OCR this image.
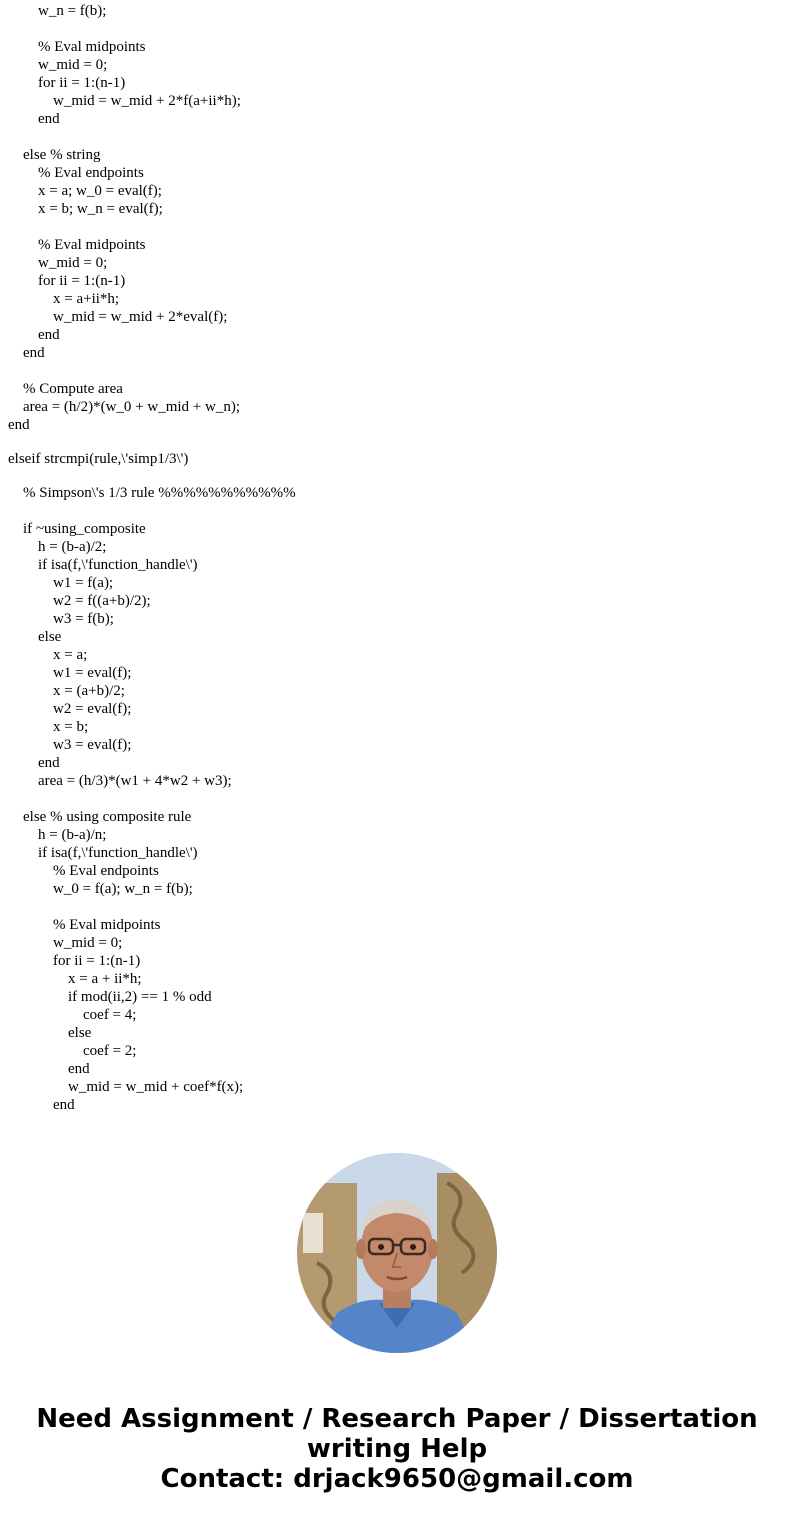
w_n = f(b);
% Eval midpoints
w_mid = 0;
for ii = 1:(n-1)
w_mid = w_mid + 2*f(a+ii*h);
end
else % string
% Eval endpoints
x = a; w_0 = eval(f);
x = b; w_n = eval(f);
% Eval midpoints
w_mid = 0;
for ii = 1:(n-1)
x = a+ii*h;
w_mid = w_mid + 2*eval(f);
end
end
% Compute area
area = (h/2)*(w_0 + w_mid + w_n);
end
elseif strcmpi(rule,\'simp1/3\')
% Simpson\'s 1/3 rule %%%%%%%%%%%
if ~using_composite
h = (b-a)/2;
if isa(f,\'function_handle\')
w1 = f(a);
w2 = f((a+b)/2);
w3 = f(b);
else
x = a;
w1 = eval(f);
x = (a+b)/2;
w2 = eval(f);
x = b;
w3 = eval(f);
end
area = (h/3)*(w1 + 4*w2 + w3);
else % using composite rule
h = (b-a)/n;
if isa(f,\'function_handle\')
% Eval endpoints
w_0 = f(a); w_n = f(b);
% Eval midpoints
w_mid = 0;
for ii = 1:(n-1)
x = a + ii*h;
if mod(ii,2) == 1 % odd
coef = 4;
else
coef = 2;
end
w_mid = w_mid + coef*f(x);
end
Need Assignment / Research Paper / Dissertation
writing Help
Contact: drjack9650@gmail.com
